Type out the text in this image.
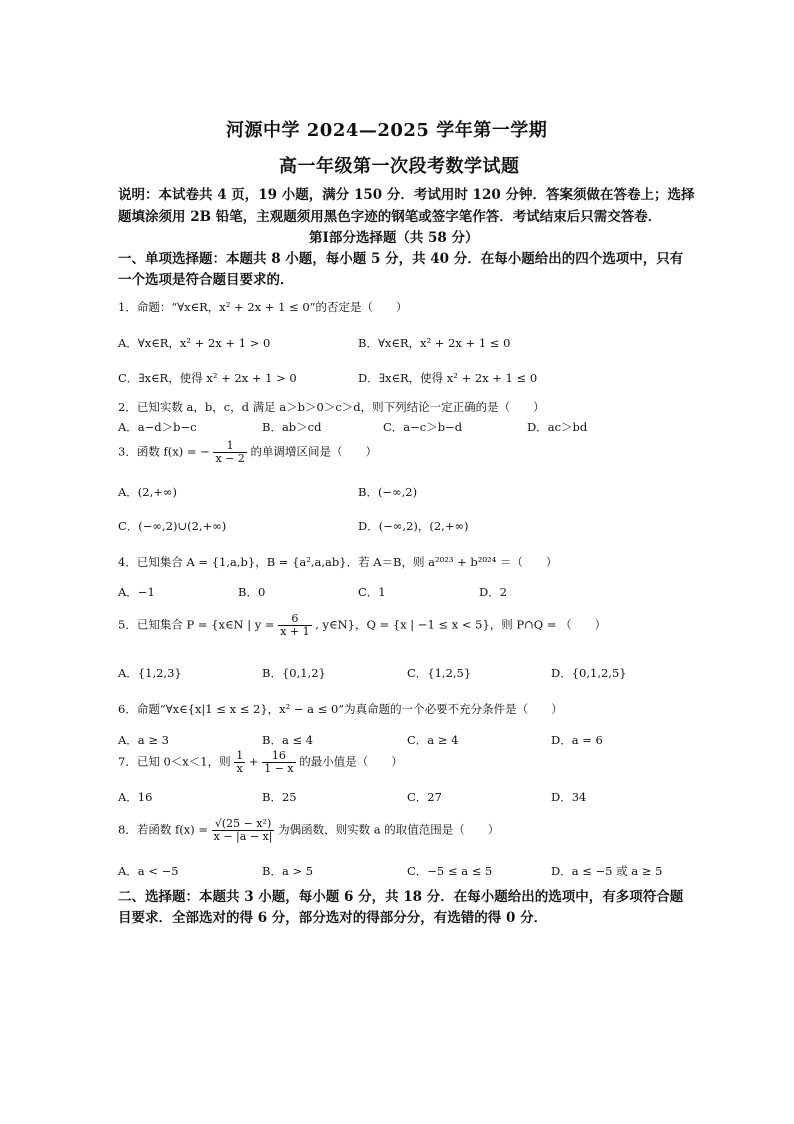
河源中学 2024—2025 学年第一学期
高一年级第一次段考数学试题
说明：本试卷共 4 页，19 小题，满分 150 分．考试用时 120 分钟．答案须做在答卷上；选择
题填涂须用 2B 铅笔，主观题须用黑色字迹的钢笔或签字笔作答．考试结束后只需交答卷．
第Ⅰ部分选择题（共 58 分）
一、单项选择题：本题共 8 小题，每小题 5 分，共 40 分．在每小题给出的四个选项中，只有
一个选项是符合题目要求的．
1．命题：“∀x∈R，x² + 2x + 1 ≤ 0”的否定是（　　）
A．∀x∈R，x² + 2x + 1 > 0	B．∀x∈R，x² + 2x + 1 ≤ 0
C．∃x∈R，使得 x² + 2x + 1 > 0	D．∃x∈R，使得 x² + 2x + 1 ≤ 0
2．已知实数 a，b，c，d 满足 a＞b＞0＞c＞d，则下列结论一定正确的是（　　）
A．a−d＞b−c	B．ab＞cd	C．a−c＞b−d	D．ac＞bd
3．函数 f(x) = − $\frac{1}{x - 2}$ 的单调增区间是（　　）
A．(2,+∞)	B．(−∞,2)
C．(−∞,2)∪(2,+∞)	D．(−∞,2)，(2,+∞)
4．已知集合 A = {1,a,b}，B = {a²,a,ab}．若 A＝B，则 a²⁰²³ + b²⁰²⁴ ＝（　　）
A．−1	B．0	C．1	D．2
5．已知集合 P = {x∈N | $y = \frac{6}{x + 1}$ , y∈N}，Q = {x | −1 ≤ x < 5}，则 P∩Q = （　　）
A．{1,2,3}	B．{0,1,2}	C．{1,2,5}	D．{0,1,2,5}
6．命题“∀x∈{x|1 ≤ x ≤ 2}，x² − a ≤ 0”为真命题的一个必要不充分条件是（　　）
A．a ≥ 3	B．a ≤ 4	C．a ≥ 4	D．a = 6
7．已知 0＜x＜1，则 $\frac{1}{x} + \frac{16}{1 - x}$ 的最小值是（　　）
A．16	B．25	C．27	D．34
8．若函数 $f(x) = \frac{\text{√(25 − x²)}}{x - |a - x|}$ 为偶函数，则实数 a 的取值范围是（　　）
A．a < −5	B．a > 5	C．−5 ≤ a ≤ 5	D．a ≤ −5 或 a ≥ 5
二、选择题：本题共 3 小题，每小题 6 分，共 18 分．在每小题给出的选项中，有多项符合题
目要求．全部选对的得 6 分，部分选对的得部分分，有选错的得 0 分．
